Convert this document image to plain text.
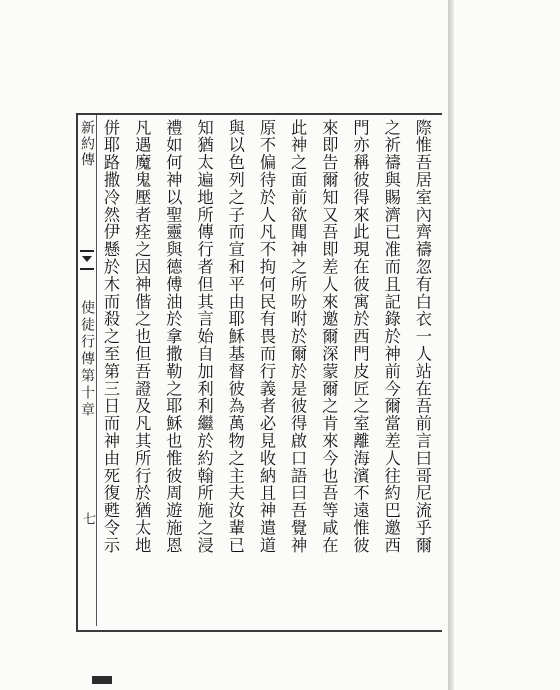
新約傳
使徒行傳第十章
七	際惟吾居室內齊禱忽有白衣一人站在吾前言曰哥尼流乎爾
之祈禱與賜濟已准而且記錄於神前今爾當差人往約巴邀西
門亦稱彼得來此現在彼寓於西門皮匠之室離海濱不遠惟彼
來即告爾知又吾即差人來邀爾深蒙爾之肯來今也吾等咸在
此神之面前欲聞神之所吩咐於爾於是彼得啟口語曰吾覺神
原不偏待於人凡不拘何民有畏而行義者必見收納且神遣道
與以色列之子而宣和平由耶穌基督彼為萬物之主夫汝輩已
知猶太遍地所傳行者但其言始自加利利繼於約翰所施之浸
禮如何神以聖靈與德傅油於拿撒勒之耶穌也惟彼周遊施恩
凡遇魔鬼壓者痊之因神偕之也但吾證及凡其所行於猶太地
併耶路撒冷然伊懸於木而殺之至第三日而神由死復甦令示
